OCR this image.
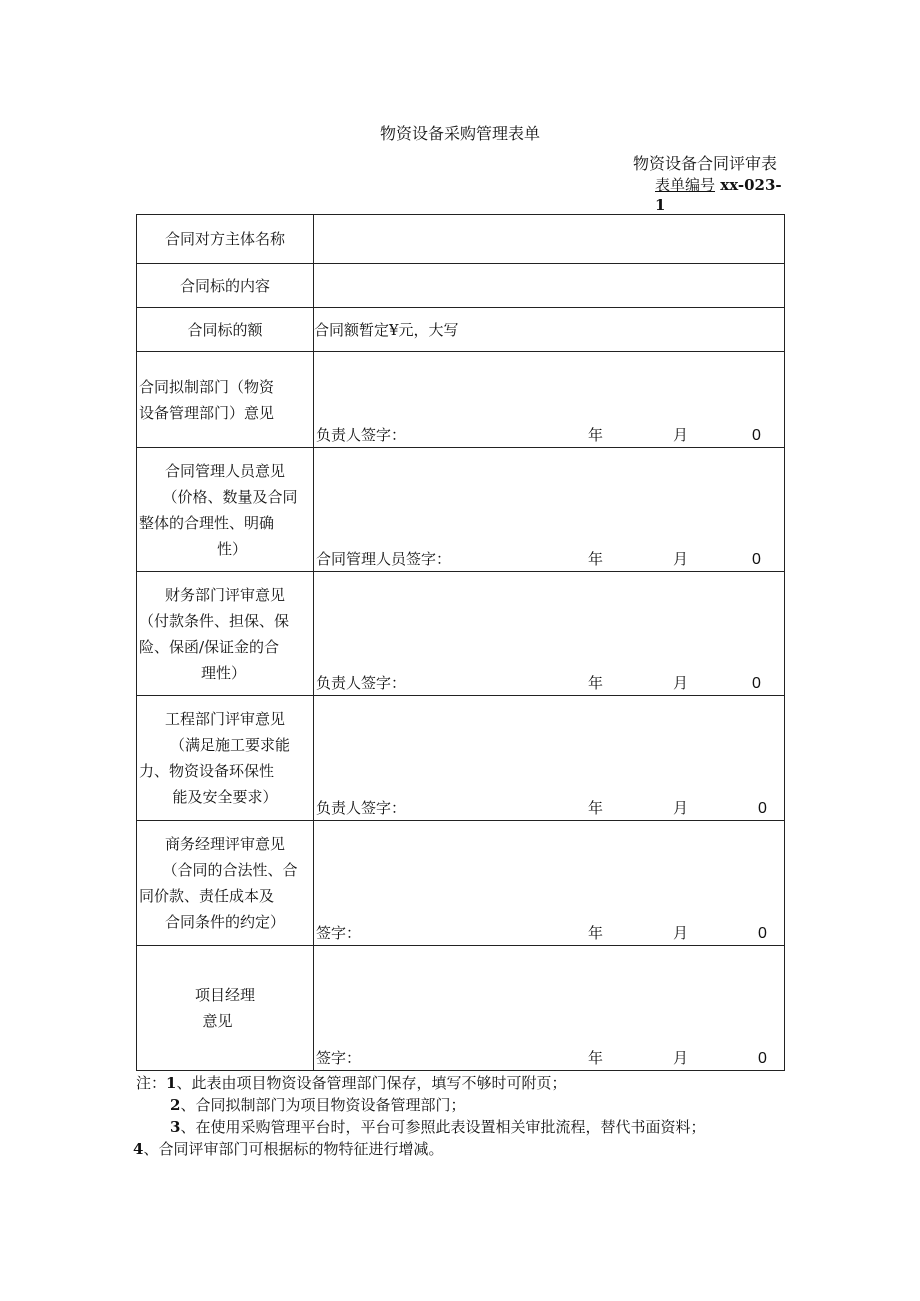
物资设备采购管理表单
物资设备合同评审表
表单编号 xx-023-1
合同对方主体名称	
合同标的内容	
合同标的额	合同额暂定¥元，大写

合同拟制部门（物资
设备管理部门）意见	负责人签字： 年 月 0

合同管理人员意见
（价格、数量及合同
整体的合理性、明确
性）	合同管理人员签字： 年 月 0

财务部门评审意见
（付款条件、担保、保
险、保函/保证金的合
理性）	负责人签字： 年 月 0

工程部门评审意见
（满足施工要求能
力、物资设备环保性
能及安全要求）	负责人签字： 年 月 0

商务经理评审意见
（合同的合法性、合
同价款、责任成本及
合同条件的约定）	签字： 年 月 0

项目经理
意见	签字： 年 月 0
注：1、此表由项目物资设备管理部门保存，填写不够时可附页；
2、合同拟制部门为项目物资设备管理部门；
3、在使用采购管理平台时，平台可参照此表设置相关审批流程，替代书面资料；
4、合同评审部门可根据标的物特征进行增减。
